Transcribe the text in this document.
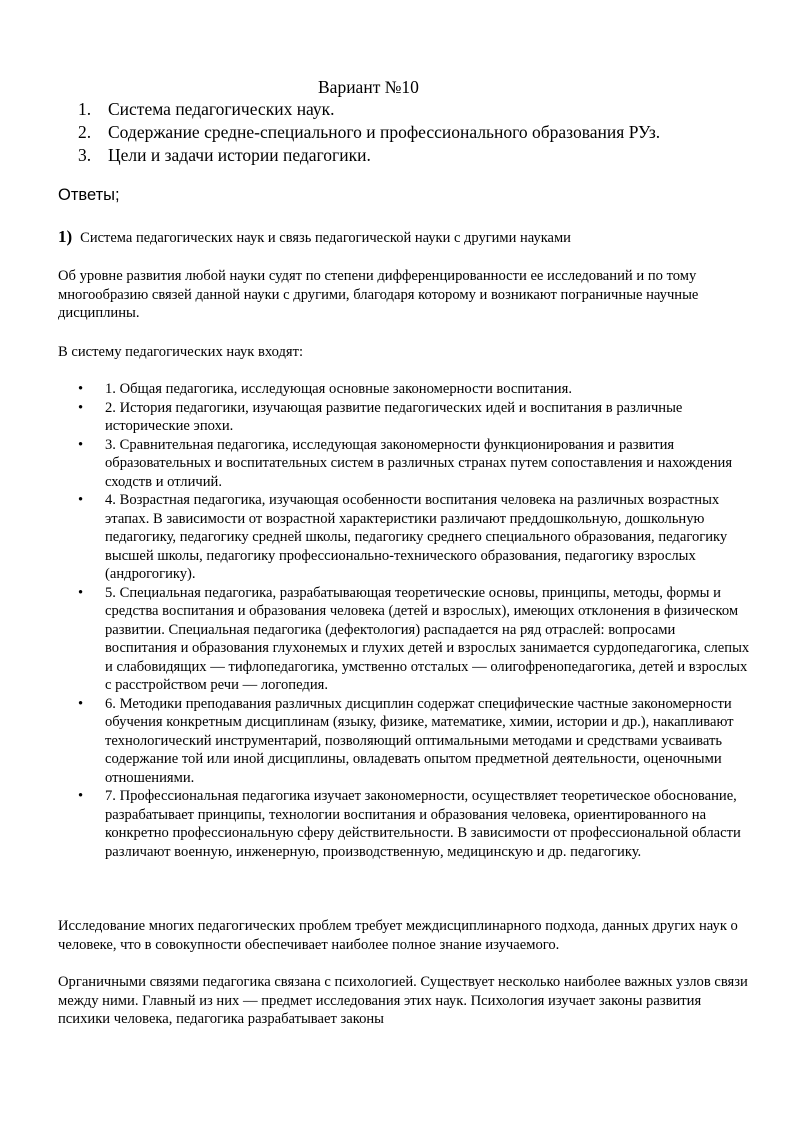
Вариант №10
1. Система педагогических наук.
2. Содержание средне-специального и профессионального образования РУз.
3. Цели и задачи истории педагогики.
Ответы;
1) Система педагогических наук и связь педагогической науки с другими науками

Об уровне развития любой науки судят по степени дифференцированности ее исследований и по тому многообразию связей данной науки с другими, благодаря которому и возникают пограничные научные дисциплины.

В систему педагогических наук входят:

• 1. Общая педагогика, исследующая основные закономерности воспитания.
• 2. История педагогики, изучающая развитие педагогических идей и воспитания в различные исторические эпохи.
• 3. Сравнительная педагогика, исследующая закономерности функционирования и развития образовательных и воспитательных систем в различных странах путем сопоставления и нахождения сходств и отличий.
• 4. Возрастная педагогика, изучающая особенности воспитания человека на различных возрастных этапах. В зависимости от возрастной характеристики различают преддошкольную, дошкольную педагогику, педагогику средней школы, педагогику среднего специального образования, педагогику высшей школы, педагогику профессионально-технического образования, педагогику взрослых (андрогогику).
• 5. Специальная педагогика, разрабатывающая теоретические основы, принципы, методы, формы и средства воспитания и образования человека (детей и взрослых), имеющих отклонения в физическом развитии. Специальная педагогика (дефектология) распадается на ряд отраслей: вопросами воспитания и образования глухонемых и глухих детей и взрослых занимается сурдопедагогика, слепых и слабовидящих — тифлопедагогика, умственно отсталых — олигофренопедагогика, детей и взрослых с расстройством речи — логопедия.
• 6. Методики преподавания различных дисциплин содержат специфические частные закономерности обучения конкретным дисциплинам (языку, физике, математике, химии, истории и др.), накапливают технологический инструментарий, позволяющий оптимальными методами и средствами усваивать содержание той или иной дисциплины, овладевать опытом предметной деятельности, оценочными отношениями.
• 7. Профессиональная педагогика изучает закономерности, осуществляет теоретическое обоснование, разрабатывает принципы, технологии воспитания и образования человека, ориентированного на конкретно профессиональную сферу действительности. В зависимости от профессиональной области различают военную, инженерную, производственную, медицинскую и др. педагогику.

Исследование многих педагогических проблем требует междисциплинарного подхода, данных других наук о человеке, что в совокупности обеспечивает наиболее полное знание изучаемого.

Органичными связями педагогика связана с психологией. Существует несколько наиболее важных узлов связи между ними. Главный из них — предмет исследования этих наук. Психология изучает законы развития психики человека, педагогика разрабатывает законы
